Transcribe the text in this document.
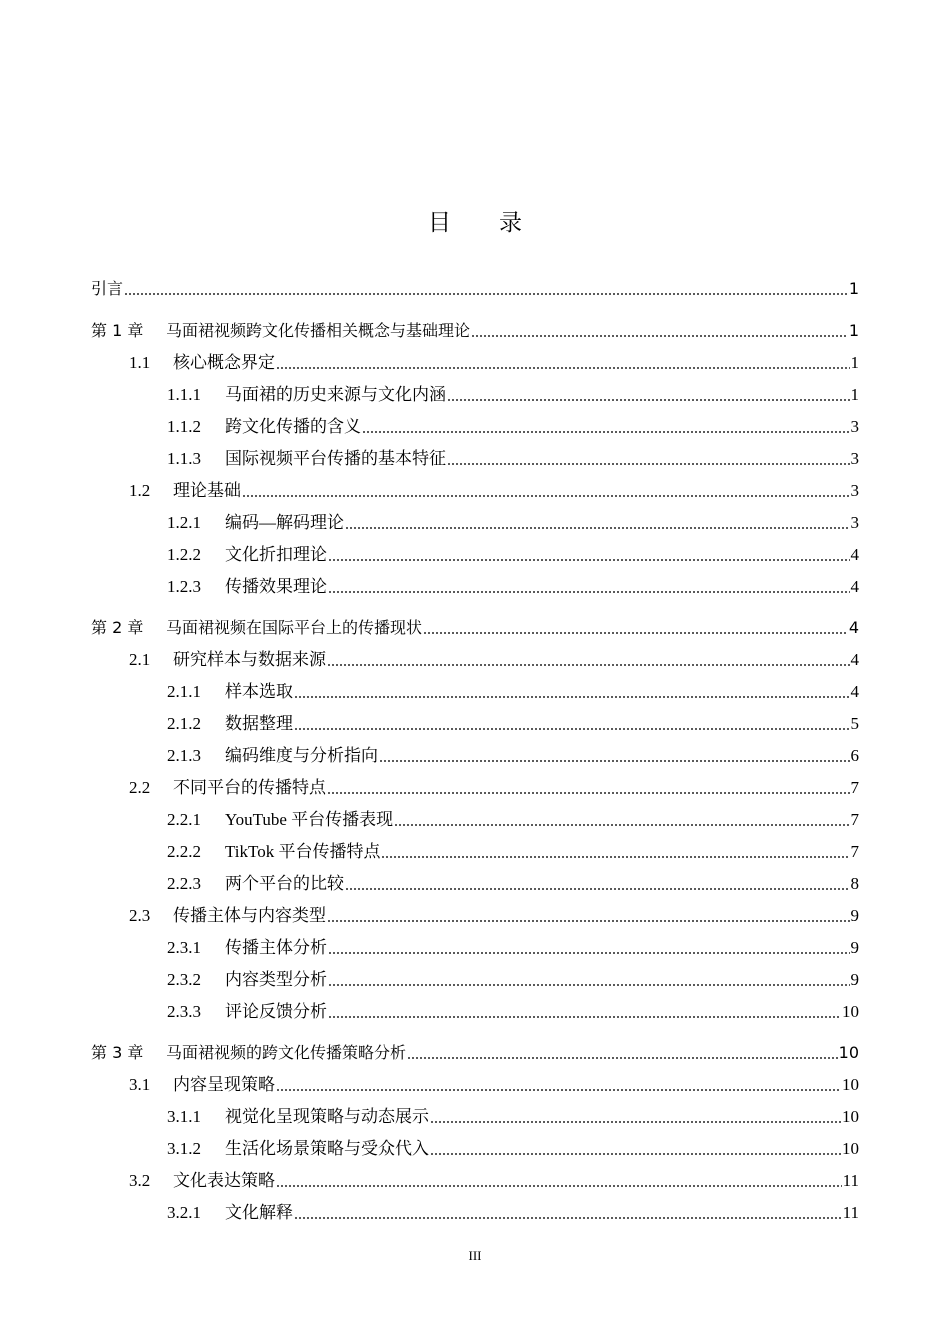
目录
引言	1
第 1 章	马面裙视频跨文化传播相关概念与基础理论	1
1.1	核心概念界定	1
1.1.1	马面裙的历史来源与文化内涵	1
1.1.2	跨文化传播的含义	3
1.1.3	国际视频平台传播的基本特征	3
1.2	理论基础	3
1.2.1	编码—解码理论	3
1.2.2	文化折扣理论	4
1.2.3	传播效果理论	4
第 2 章	马面裙视频在国际平台上的传播现状	4
2.1	研究样本与数据来源	4
2.1.1	样本选取	4
2.1.2	数据整理	5
2.1.3	编码维度与分析指向	6
2.2	不同平台的传播特点	7
2.2.1	YouTube 平台传播表现	7
2.2.2	TikTok 平台传播特点	7
2.2.3	两个平台的比较	8
2.3	传播主体与内容类型	9
2.3.1	传播主体分析	9
2.3.2	内容类型分析	9
2.3.3	评论反馈分析	10
第 3 章	马面裙视频的跨文化传播策略分析	10
3.1	内容呈现策略	10
3.1.1	视觉化呈现策略与动态展示	10
3.1.2	生活化场景策略与受众代入	10
3.2	文化表达策略	11
3.2.1	文化解释	11
III
